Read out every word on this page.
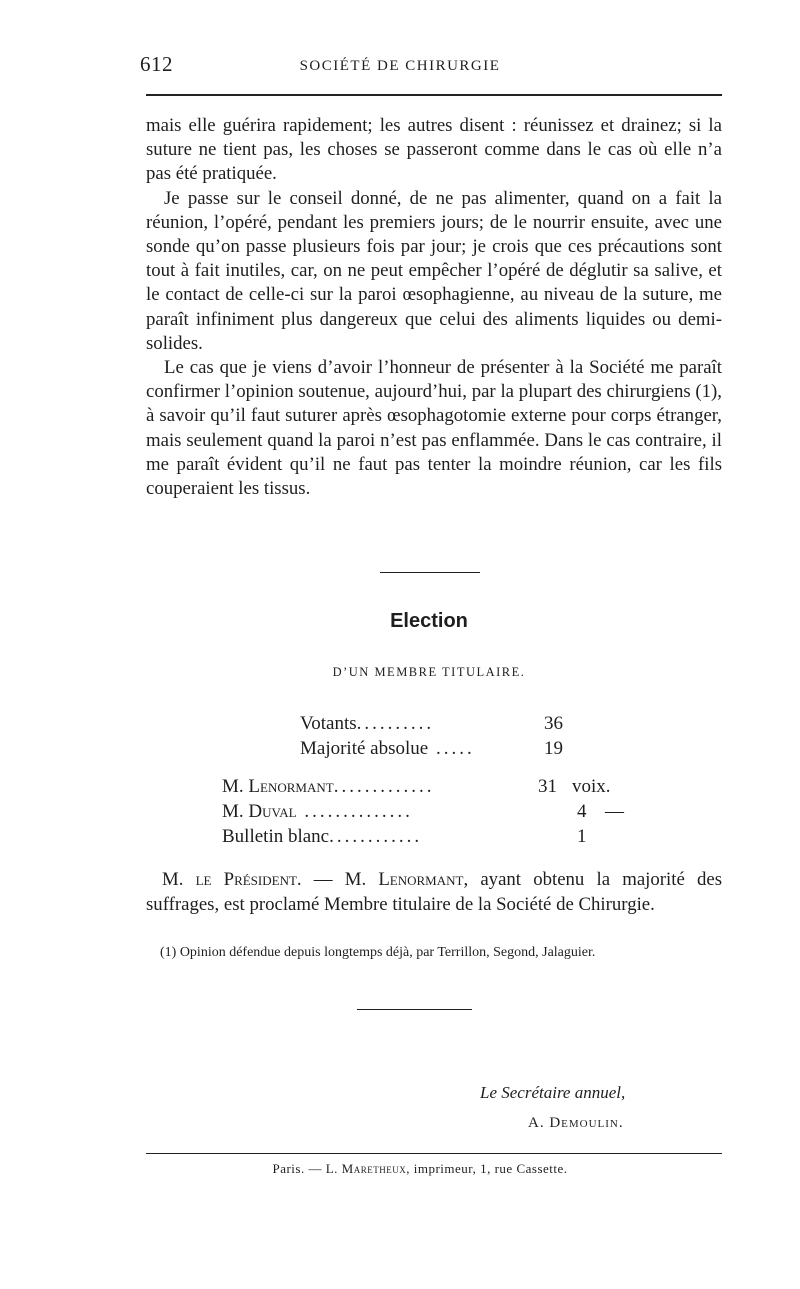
612	SOCIÉTÉ DE CHIRURGIE

mais elle guérira rapidement; les autres disent : réunissez et drainez; si la suture ne tient pas, les choses se passeront comme dans le cas où elle n’a pas été pratiquée.

Je passe sur le conseil donné, de ne pas alimenter, quand on a fait la réunion, l’opéré, pendant les premiers jours; de le nourrir ensuite, avec une sonde qu’on passe plusieurs fois par jour; je crois que ces précautions sont tout à fait inutiles, car, on ne peut empêcher l’opéré de déglutir sa salive, et le contact de celle-ci sur la paroi œsophagienne, au niveau de la suture, me paraît infiniment plus dangereux que celui des aliments liquides ou demi-solides.

Le cas que je viens d’avoir l’honneur de présenter à la Société me paraît confirmer l’opinion soutenue, aujourd’hui, par la plupart des chirurgiens (1), à savoir qu’il faut suturer après œsophagotomie externe pour corps étranger, mais seulement quand la paroi n’est pas enflammée. Dans le cas contraire, il me paraît évident qu’il ne faut pas tenter la moindre réunion, car les fils couperaient les tissus.

Election
D’UN MEMBRE TITULAIRE.
Votants..........	36
Majorité absolue .....	19
M. Lenormant.............	31 voix.
M. Duval ..............	4 —
Bulletin blanc............	1

M. le Président. — M. Lenormant, ayant obtenu la majorité des suffrages, est proclamé Membre titulaire de la Société de Chirurgie.

(1) Opinion défendue depuis longtemps déjà, par Terrillon, Segond, Jalaguier.

Le Secrétaire annuel,
A. Demoulin.
Paris. — L. Maretheux, imprimeur, 1, rue Cassette.
